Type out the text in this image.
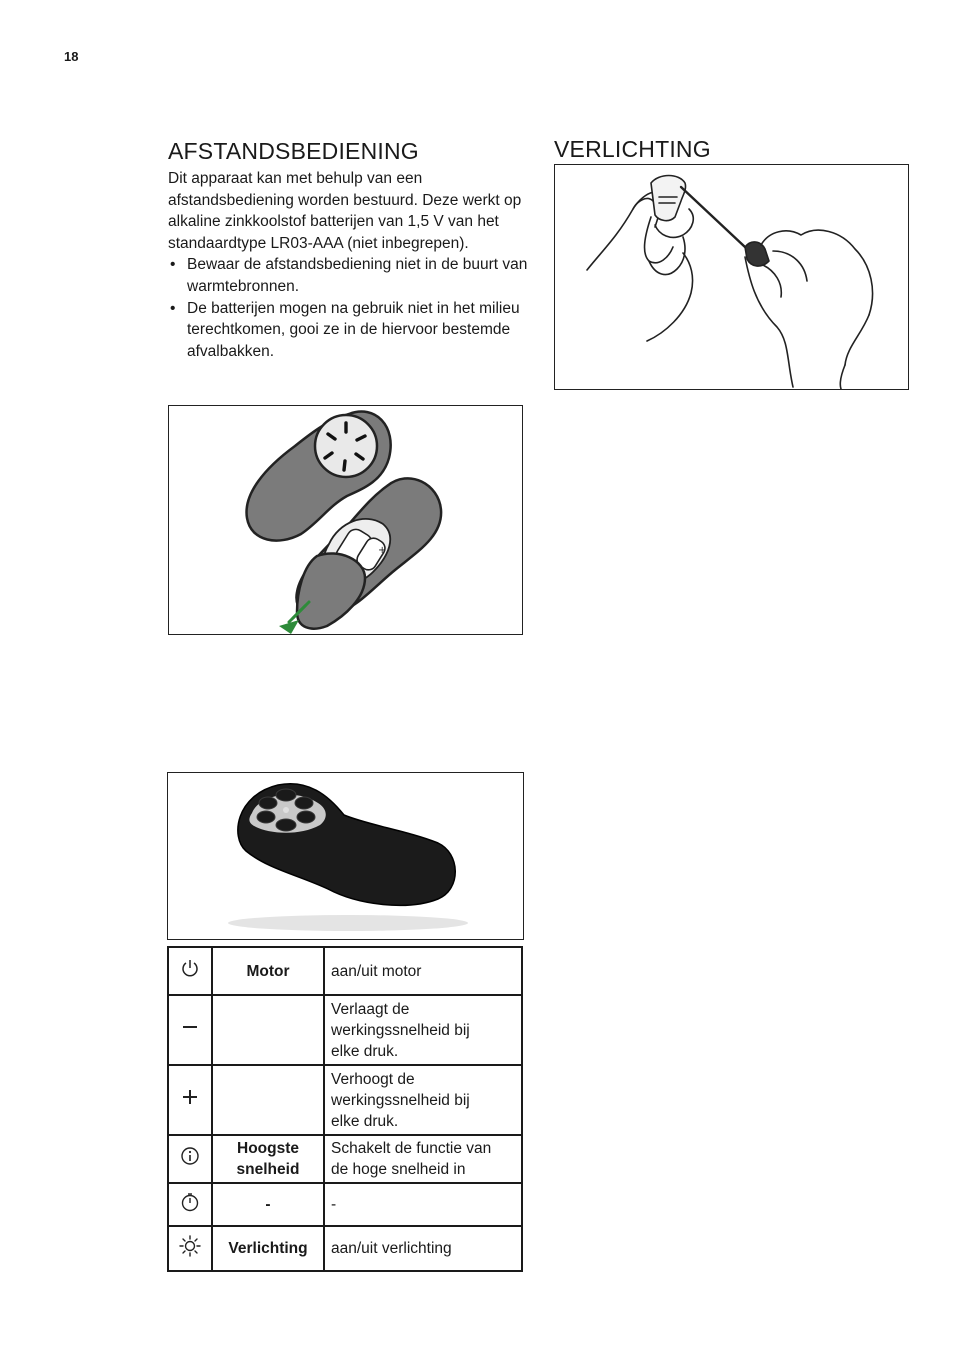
18
AFSTANDSBEDIENING

Dit apparaat kan met behulp van een afstandsbediening worden bestuurd. Deze werkt op alkaline zinkkoolstof batterijen van 1,5 V van het standaardtype LR03-AAA (niet inbegrepen).

• Bewaar de afstandsbediening niet in de buurt van warmtebronnen.
• De batterijen mogen na gebruik niet in het milieu terechtkomen, gooi ze in de hiervoor bestemde afvalbakken.
VERLICHTING
+
	Motor	aan/uit motor
		Verlaagt de
werkingssnelheid bij
elke druk.
		Verhoogt de
werkingssnelheid bij
elke druk.
	Hoogste
snelheid	Schakelt de functie van
de hoge snelheid in
	-	-
	Verlichting	aan/uit verlichting
